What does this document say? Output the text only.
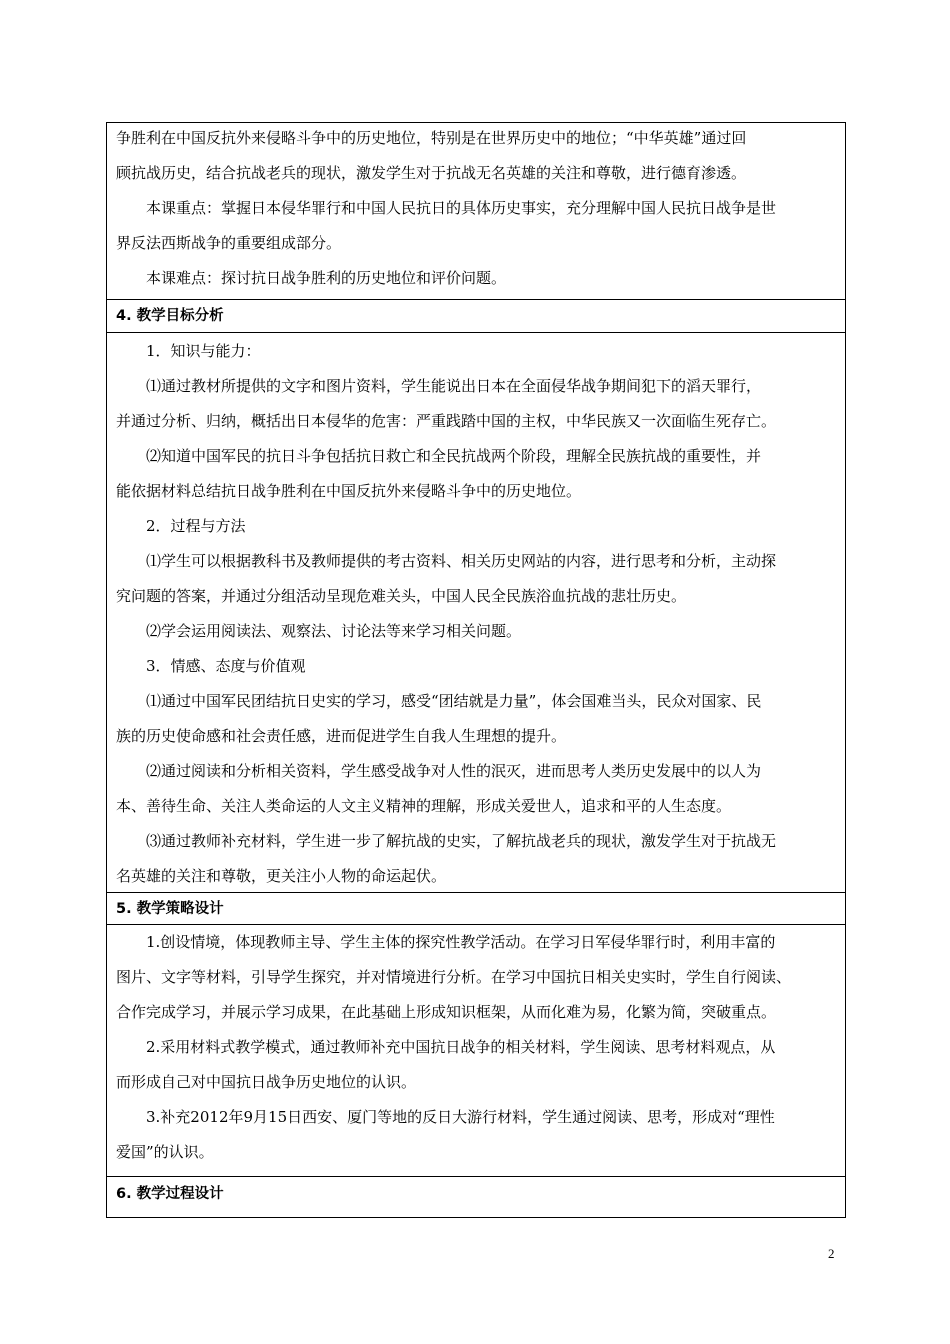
争胜利在中国反抗外来侵略斗争中的历史地位，特别是在世界历史中的地位；“中华英雄”通过回

顾抗战历史，结合抗战老兵的现状，激发学生对于抗战无名英雄的关注和尊敬，进行德育渗透。

　　本课重点：掌握日本侵华罪行和中国人民抗日的具体历史事实，充分理解中国人民抗日战争是世

界反法西斯战争的重要组成部分。

　　本课难点：探讨抗日战争胜利的历史地位和评价问题。

4. 教学目标分析

　　1．知识与能力：

　　⑴通过教材所提供的文字和图片资料，学生能说出日本在全面侵华战争期间犯下的滔天罪行，

并通过分析、归纳，概括出日本侵华的危害：严重践踏中国的主权，中华民族又一次面临生死存亡。

　　⑵知道中国军民的抗日斗争包括抗日救亡和全民抗战两个阶段，理解全民族抗战的重要性，并

能依据材料总结抗日战争胜利在中国反抗外来侵略斗争中的历史地位。

　　2．过程与方法

　　⑴学生可以根据教科书及教师提供的考古资料、相关历史网站的内容，进行思考和分析，主动探

究问题的答案，并通过分组活动呈现危难关头，中国人民全民族浴血抗战的悲壮历史。

　　⑵学会运用阅读法、观察法、讨论法等来学习相关问题。

　　3．情感、态度与价值观

　　⑴通过中国军民团结抗日史实的学习，感受“团结就是力量”，体会国难当头，民众对国家、民

族的历史使命感和社会责任感，进而促进学生自我人生理想的提升。

　　⑵通过阅读和分析相关资料，学生感受战争对人性的泯灭，进而思考人类历史发展中的以人为

本、善待生命、关注人类命运的人文主义精神的理解，形成关爱世人，追求和平的人生态度。

　　⑶通过教师补充材料，学生进一步了解抗战的史实，了解抗战老兵的现状，激发学生对于抗战无

名英雄的关注和尊敬，更关注小人物的命运起伏。

5. 教学策略设计

　　1.创设情境，体现教师主导、学生主体的探究性教学活动。在学习日军侵华罪行时，利用丰富的

图片、文字等材料，引导学生探究，并对情境进行分析。在学习中国抗日相关史实时，学生自行阅读、

合作完成学习，并展示学习成果，在此基础上形成知识框架，从而化难为易，化繁为简，突破重点。

　　2.采用材料式教学模式，通过教师补充中国抗日战争的相关材料，学生阅读、思考材料观点，从

而形成自己对中国抗日战争历史地位的认识。

　　3.补充2012年9月15日西安、厦门等地的反日大游行材料，学生通过阅读、思考，形成对“理性

爱国”的认识。

6. 教学过程设计

2
